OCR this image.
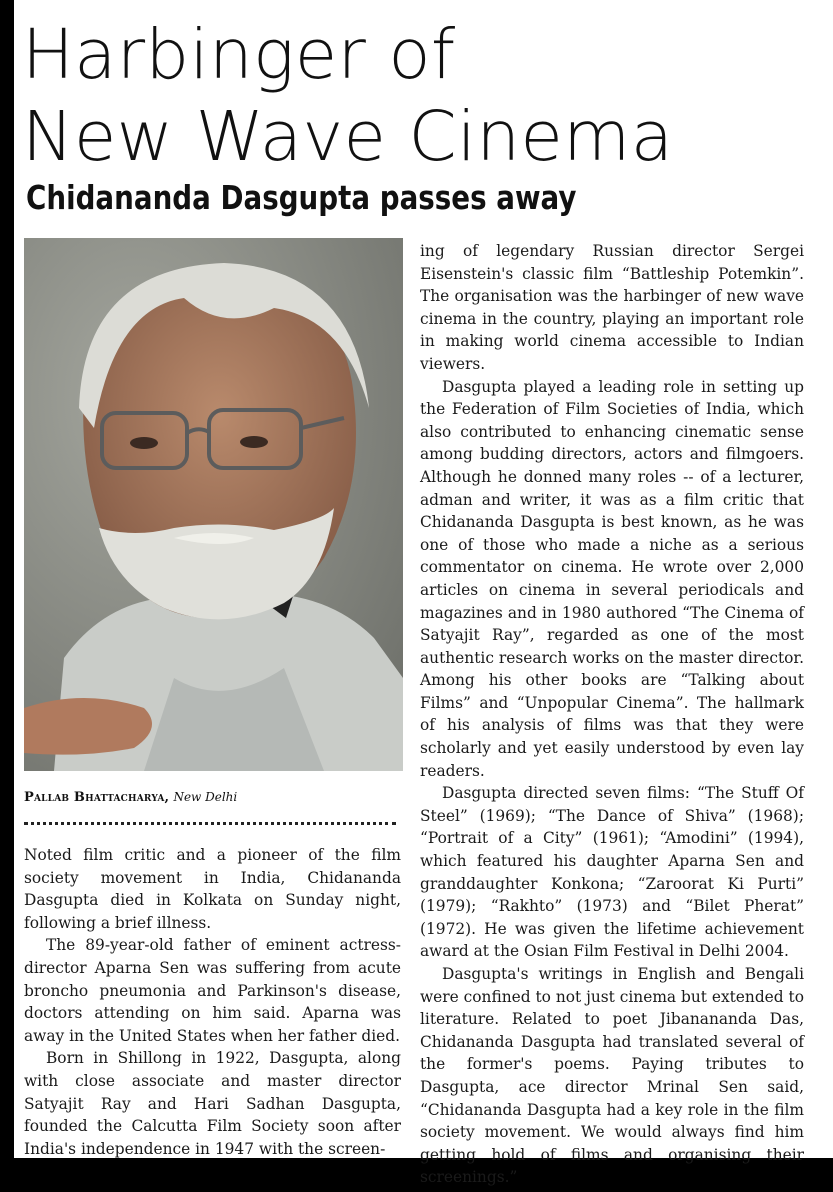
Harbinger of
New Wave Cinema
Chidananda Dasgupta passes away
Pallab Bhattacharya, New Delhi

Noted film critic and a pioneer of the film society movement in India, Chidananda Dasgupta died in Kolkata on Sunday night, following a brief illness.

The 89-year-old father of eminent actress-director Aparna Sen was suffering from acute broncho pneumonia and Parkinson's disease, doctors attending on him said. Aparna was away in the United States when her father died.

Born in Shillong in 1922, Dasgupta, along with close associate and master director Satyajit Ray and Hari Sadhan Dasgupta, founded the Calcutta Film Society soon after India's independence in 1947 with the screen-

ing of legendary Russian director Sergei Eisenstein's classic film “Battleship Potemkin”. The organisation was the harbinger of new wave cinema in the country, playing an important role in making world cinema accessible to Indian viewers.

Dasgupta played a leading role in setting up the Federation of Film Societies of India, which also contributed to enhancing cinematic sense among budding directors, actors and filmgoers. Although he donned many roles -- of a lecturer, adman and writer, it was as a film critic that Chidananda Dasgupta is best known, as he was one of those who made a niche as a serious commentator on cinema. He wrote over 2,000 articles on cinema in several periodicals and magazines and in 1980 authored “The Cinema of Satyajit Ray”, regarded as one of the most authentic research works on the master director. Among his other books are “Talking about Films” and “Unpopular Cinema”. The hallmark of his analysis of films was that they were scholarly and yet easily understood by even lay readers.

Dasgupta directed seven films: “The Stuff Of Steel” (1969); “The Dance of Shiva” (1968); “Portrait of a City” (1961); “Amodini” (1994), which featured his daughter Aparna Sen and granddaughter Konkona; “Zaroorat Ki Purti” (1979); “Rakhto” (1973) and “Bilet Pherat” (1972). He was given the lifetime achievement award at the Osian Film Festival in Delhi 2004.

Dasgupta's writings in English and Bengali were confined to not just cinema but extended to literature. Related to poet Jibanananda Das, Chidananda Dasgupta had translated several of the former's poems. Paying tributes to Dasgupta, ace director Mrinal Sen said, “Chidananda Dasgupta had a key role in the film society movement. We would always find him getting hold of films and organising their screenings.”
